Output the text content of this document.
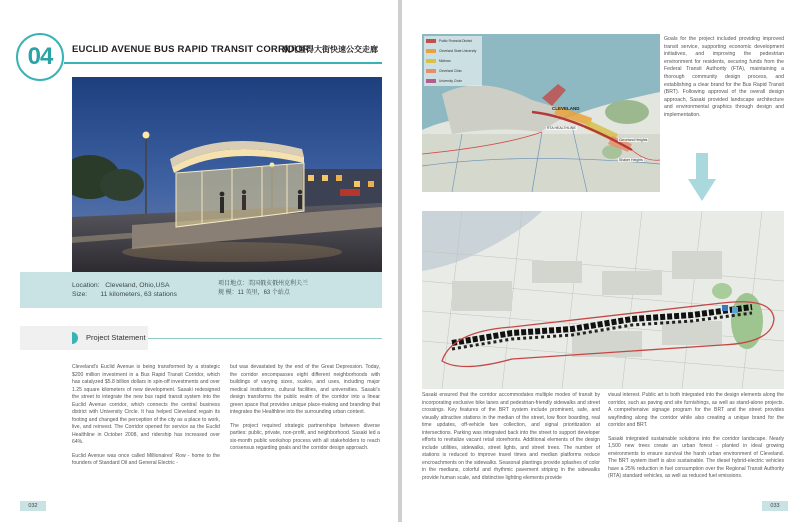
04 EUCLID AVENUE BUS RAPID TRANSIT CORRIDOR
欧几里得大街快速公交走廊
Location: Cleveland, Ohio,USA
Size: 11 kilometers, 63 stations
项目地点：美国俄亥俄州克利夫兰
规 模：11 英里，63 个站点
Project Statement

Cleveland's Euclid Avenue is being transformed by a strategic $200 million investment in a Bus Rapid Transit Corridor, which has catalyzed $5.8 billion dollars in spin-off investments and over 1.25 square kilometers of new development. Sasaki redesigned the street to integrate the new bus rapid transit system into the Euclid Avenue corridor, which connects the central business district with University Circle. It has helped Cleveland regain its footing and changed the perception of the city as a place to work, live, and reinvest. The Corridor opened for service as the Euclid Healthline in October 2008, and ridership has increased over 64%.

Euclid Avenue was once called Millionaires' Row - home to the founders of Standard Oil and General Electric -

but was devastated by the end of the Great Depression. Today, the corridor encompasses eight different neighborhoods with buildings of varying sizes, scales, and uses, including major medical institutions, cultural facilities, and universities. Sasaki's design transforms the public realm of the corridor into a linear green space that provides unique place-making and branding that integrates the Healthline into the surrounding urban context.

The project required strategic partnerships between diverse parties: public, private, non-profit, and neighborhood. Sasaki led a six-month public workshop process with all stakeholders to reach consensus regarding goals and the corridor design approach.

032
Public Financial District
Cleveland State University
Midtown
Cleveland Clinic
University Circle
CLEVELAND
RTA HEALTHLINE
Cleveland Heights
Shaker Heights
Goals for the project included providing improved transit service, supporting economic development initiatives, and improving the pedestrian environment for residents, securing funds from the Federal Transit Authority (FTA), maintaining a thorough community design process, and establishing a clear brand for the Bus Rapid Transit (BRT). Following approval of the overall design approach, Sasaki provided landscape architecture and environmental graphics through design and implementation.

Sasaki ensured that the corridor accommodates multiple modes of transit by incorporating exclusive bike lanes and pedestrian-friendly sidewalks and street crossings. Key features of the BRT system include prominent, safe, and visually attractive stations in the median of the street, low floor boarding, real time updates, off-vehicle fare collection, and signal prioritization at intersections. Parking was integrated back into the street to support developer efforts to revitalize vacant retail storefronts. Additional elements of the design include utilities, sidewalks, street lights, and street trees. The number of stations is reduced to improve travel times and median platforms reduce encroachments on the sidewalks. Seasonal plantings provide splashes of color in the medians, colorful and rhythmic pavement striping in the sidewalks provide human scale, and distinctive lighting elements provide

visual interest. Public art is both integrated into the design elements along the corridor, such as paving and site furnishings, as well as stand-alone projects. A comprehensive signage program for the BRT and the street provides wayfinding along the corridor while also creating a unique brand for the corridor and BRT.

Sasaki integrated sustainable solutions into the corridor landscape. Nearly 1,500 new trees create an urban forest - planted in ideal growing environments to ensure survival the harsh urban environment of Cleveland. The BRT system itself is also sustainable. The diesel hybrid-electric vehicles have a 25% reduction in fuel consumption over the Regional Transit Authority (RTA) standard vehicles, as well as reduced fuel emissions.

033
